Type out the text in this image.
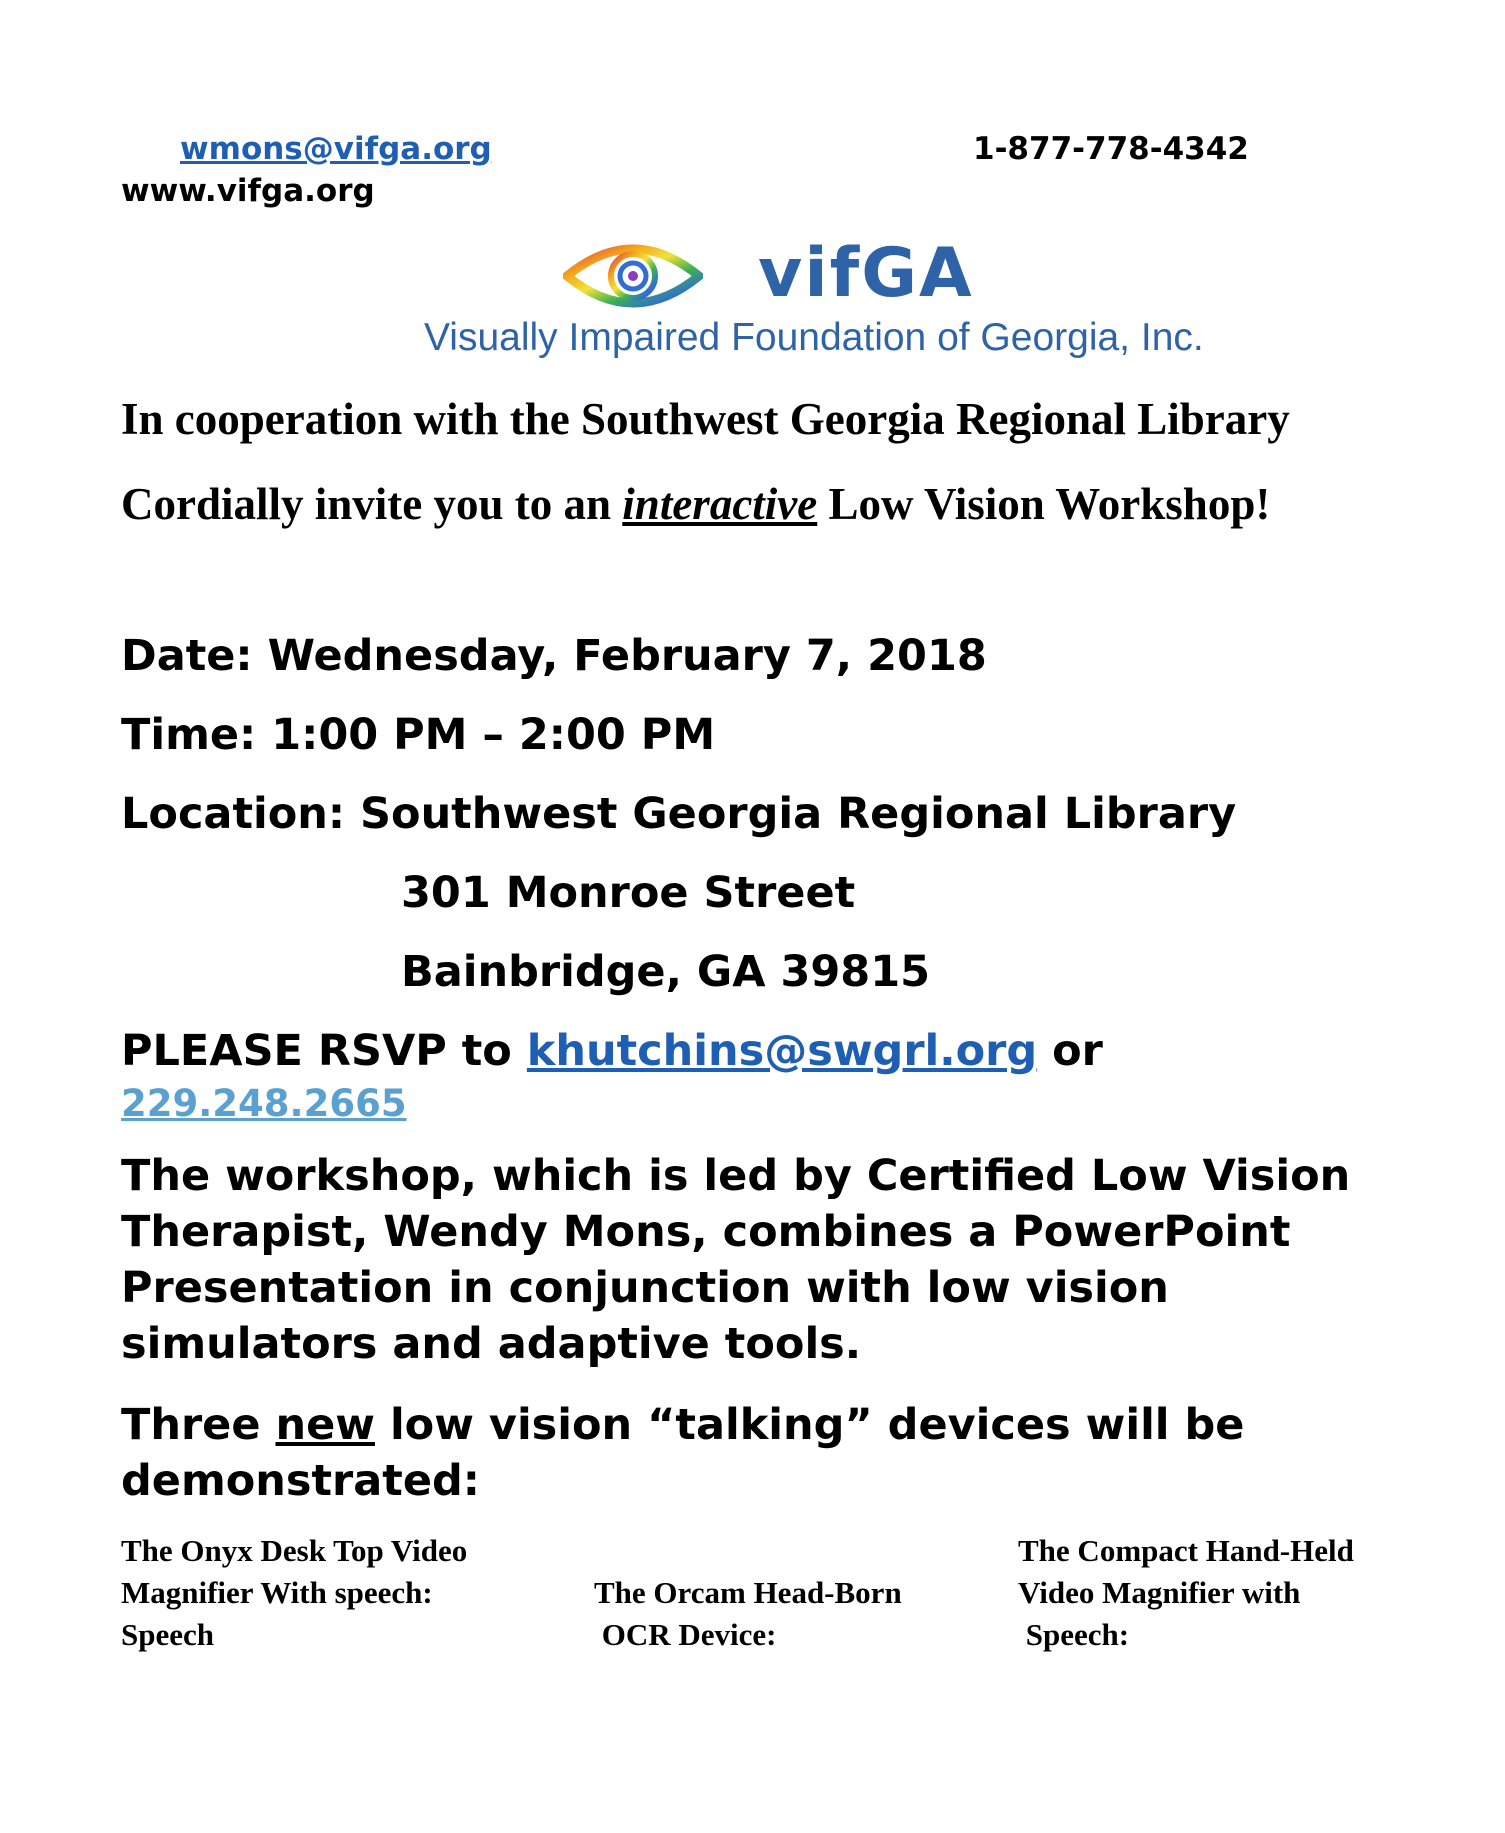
wmons@vifga.org	1-877-778-4342
www.vifga.org
vifGA
Visually Impaired Foundation of Georgia, Inc.
In cooperation with the Southwest Georgia Regional Library
Cordially invite you to an interactive Low Vision Workshop!
Date: Wednesday, February 7, 2018
Time: 1:00 PM – 2:00 PM
Location: Southwest Georgia Regional Library
301 Monroe Street
Bainbridge, GA 39815
PLEASE RSVP to khutchins@swgrl.org or
229.248.2665
The workshop, which is led by Certified Low Vision Therapist, Wendy Mons, combines a PowerPoint Presentation in conjunction with low vision simulators and adaptive tools.
Three new low vision “talking” devices will be demonstrated:
The Onyx Desk Top Video
Magnifier With speech:
Speech
The Orcam Head-Born
OCR Device:
The Compact Hand-Held
Video Magnifier with
Speech:
